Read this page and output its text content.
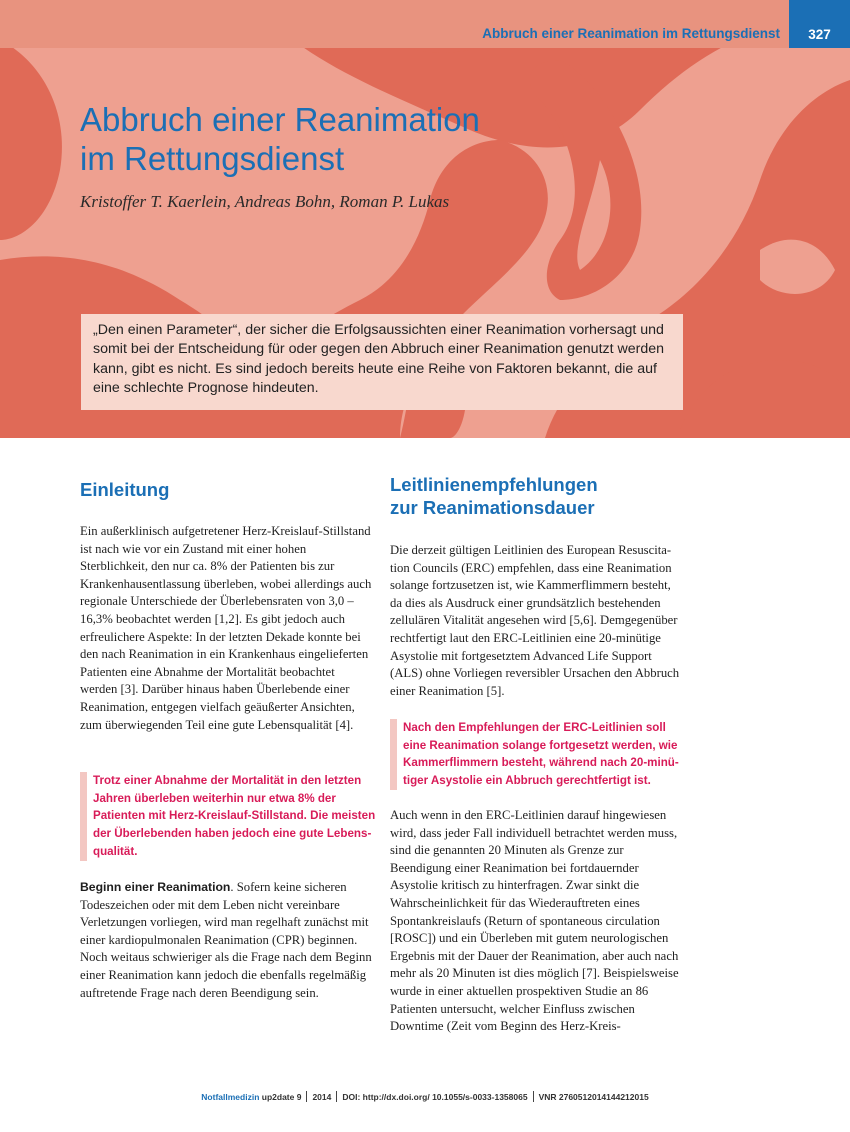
Abbruch einer Reanimation im Rettungsdienst	327
Abbruch einer Reanimation
im Rettungsdienst
Kristoffer T. Kaerlein, Andreas Bohn, Roman P. Lukas

„Den einen Parameter“, der sicher die Erfolgsaussichten einer Reanimation vorhersagt und somit bei der Entscheidung für oder gegen den Abbruch einer Reanimation genutzt werden kann, gibt es nicht. Es sind jedoch bereits heute eine Reihe von Faktoren bekannt, die auf eine schlechte Prognose hindeuten.

Einleitung

Ein außerklinisch aufgetretener Herz-Kreislauf-Stillstand ist nach wie vor ein Zustand mit einer hohen Sterblichkeit, den nur ca. 8% der Patienten bis zur Krankenhausentlassung überleben, wobei allerdings auch regionale Unterschiede der Überlebensraten von 3,0 – 16,3% beobachtet werden [1,2]. Es gibt jedoch auch erfreulichere Aspekte: In der letzten Dekade konnte bei den nach Reanimation in ein Krankenhaus eingelieferten Patienten eine Abnahme der Mortalität beobachtet werden [3]. Darüber hinaus haben Überlebende einer Reanimation, entgegen vielfach geäußerter Ansichten, zum überwiegenden Teil eine gute Lebensqualität [4].

Trotz einer Abnahme der Mortalität in den letzten Jahren überleben weiterhin nur etwa 8% der Patienten mit Herz-Kreislauf-Stillstand. Die meisten der Überlebenden haben jedoch eine gute Lebensqualität.

Beginn einer Reanimation. Sofern keine sicheren Todeszeichen oder mit dem Leben nicht vereinbare Verletzungen vorliegen, wird man regelhaft zunächst mit einer kardiopulmonalen Reanimation (CPR) beginnen. Noch weitaus schwieriger als die Frage nach dem Beginn einer Reanimation kann jedoch die ebenfalls regelmäßig auftretende Frage nach deren Beendigung sein.

Leitlinienempfehlungen
zur Reanimationsdauer

Die derzeit gültigen Leitlinien des European Resuscitation Councils (ERC) empfehlen, dass eine Reanimation solange fortzusetzen ist, wie Kammerflimmern besteht, da dies als Ausdruck einer grundsätzlich bestehenden zellulären Vitalität angesehen wird [5,6]. Demgegenüber rechtfertigt laut den ERC-Leitlinien eine 20-minütige Asystolie mit fortgesetztem Advanced Life Support (ALS) ohne Vorliegen reversibler Ursachen den Abbruch einer Reanimation [5].

Nach den Empfehlungen der ERC-Leitlinien soll eine Reanimation solange fortgesetzt werden, wie Kammerflimmern besteht, während nach 20-minütiger Asystolie ein Abbruch gerechtfertigt ist.

Auch wenn in den ERC-Leitlinien darauf hingewiesen wird, dass jeder Fall individuell betrachtet werden muss, sind die genannten 20 Minuten als Grenze zur Beendigung einer Reanimation bei fortdauernder Asystolie kritisch zu hinterfragen. Zwar sinkt die Wahrscheinlichkeit für das Wiederauftreten eines Spontankreislaufs (Return of spontaneous circulation [ROSC]) und ein Überleben mit gutem neurologischen Ergebnis mit der Dauer der Reanimation, aber auch nach mehr als 20 Minuten ist dies möglich [7]. Beispielsweise wurde in einer aktuellen prospektiven Studie an 86 Patienten untersucht, welcher Einfluss zwischen Downtime (Zeit vom Beginn des Herz-Kreis-

Notfallmedizin up2date 9 2014 DOI: http://dx.doi.org/ 10.1055/s-0033-1358065 VNR 2760512014144212015
